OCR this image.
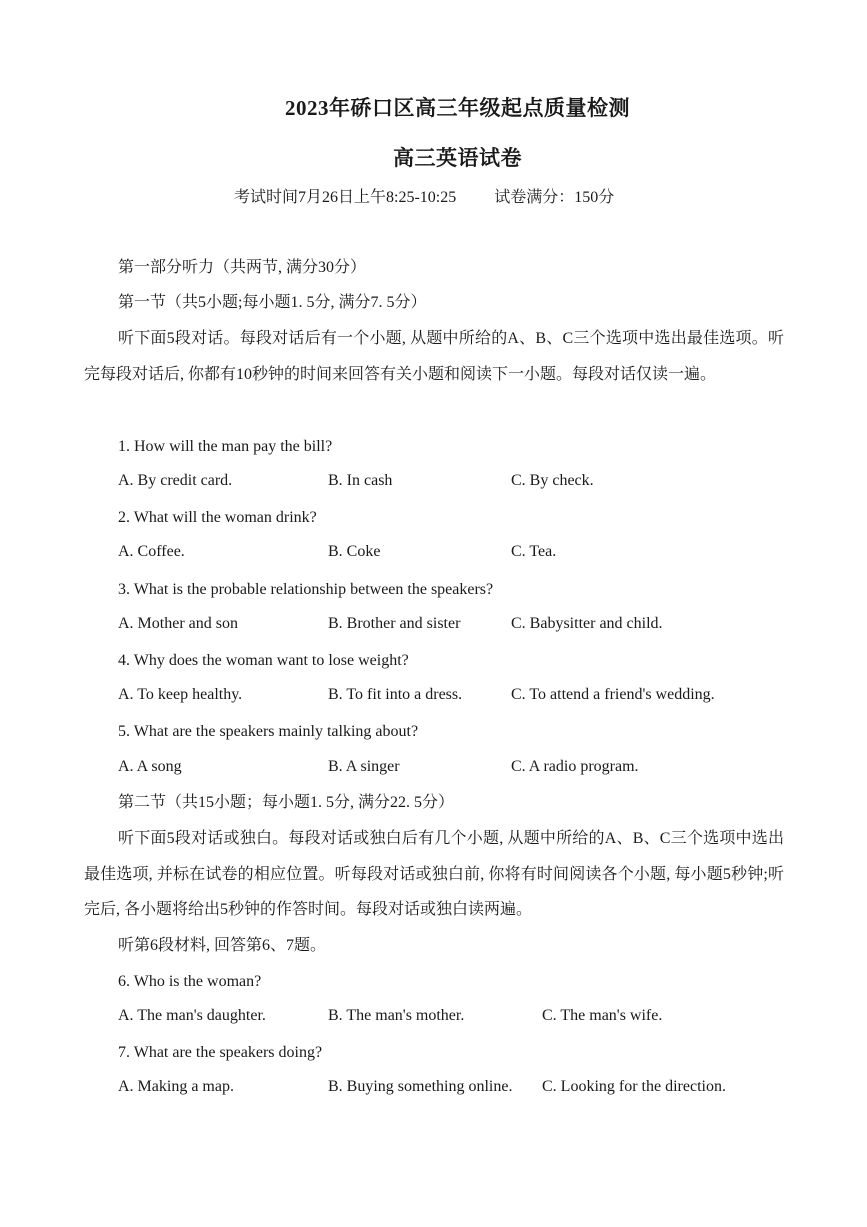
2023年硚口区高三年级起点质量检测
高三英语试卷
考试时间7月26日上午8:25-10:25 试卷满分：150分
第一部分听力（共两节, 满分30分）
第一节（共5小题;每小题1. 5分, 满分7. 5分）
听下面5段对话。每段对话后有一个小题, 从题中所给的A、B、C三个选项中选出最佳选项。听完每段对话后, 你都有10秒钟的时间来回答有关小题和阅读下一小题。每段对话仅读一遍。
1. How will the man pay the bill?
A. By credit card.	B. In cash	C. By check.
2. What will the woman drink?
A. Coffee.	B. Coke	C. Tea.
3. What is the probable relationship between the speakers?
A. Mother and son	B. Brother and sister	C. Babysitter and child.
4. Why does the woman want to lose weight?
A. To keep healthy.	B. To fit into a dress.	C. To attend a friend's wedding.
5. What are the speakers mainly talking about?
A. A song	B. A singer	C. A radio program.
第二节（共15小题；每小题1. 5分, 满分22. 5分）
听下面5段对话或独白。每段对话或独白后有几个小题, 从题中所给的A、B、C三个选项中选出最佳选项, 并标在试卷的相应位置。听每段对话或独白前, 你将有时间阅读各个小题, 每小题5秒钟;听完后, 各小题将给出5秒钟的作答时间。每段对话或独白读两遍。
听第6段材料, 回答第6、7题。
6. Who is the woman?
A. The man's daughter.	B. The man's mother.	C. The man's wife.
7. What are the speakers doing?
A. Making a map.	B. Buying something online. C. Looking for the direction.
